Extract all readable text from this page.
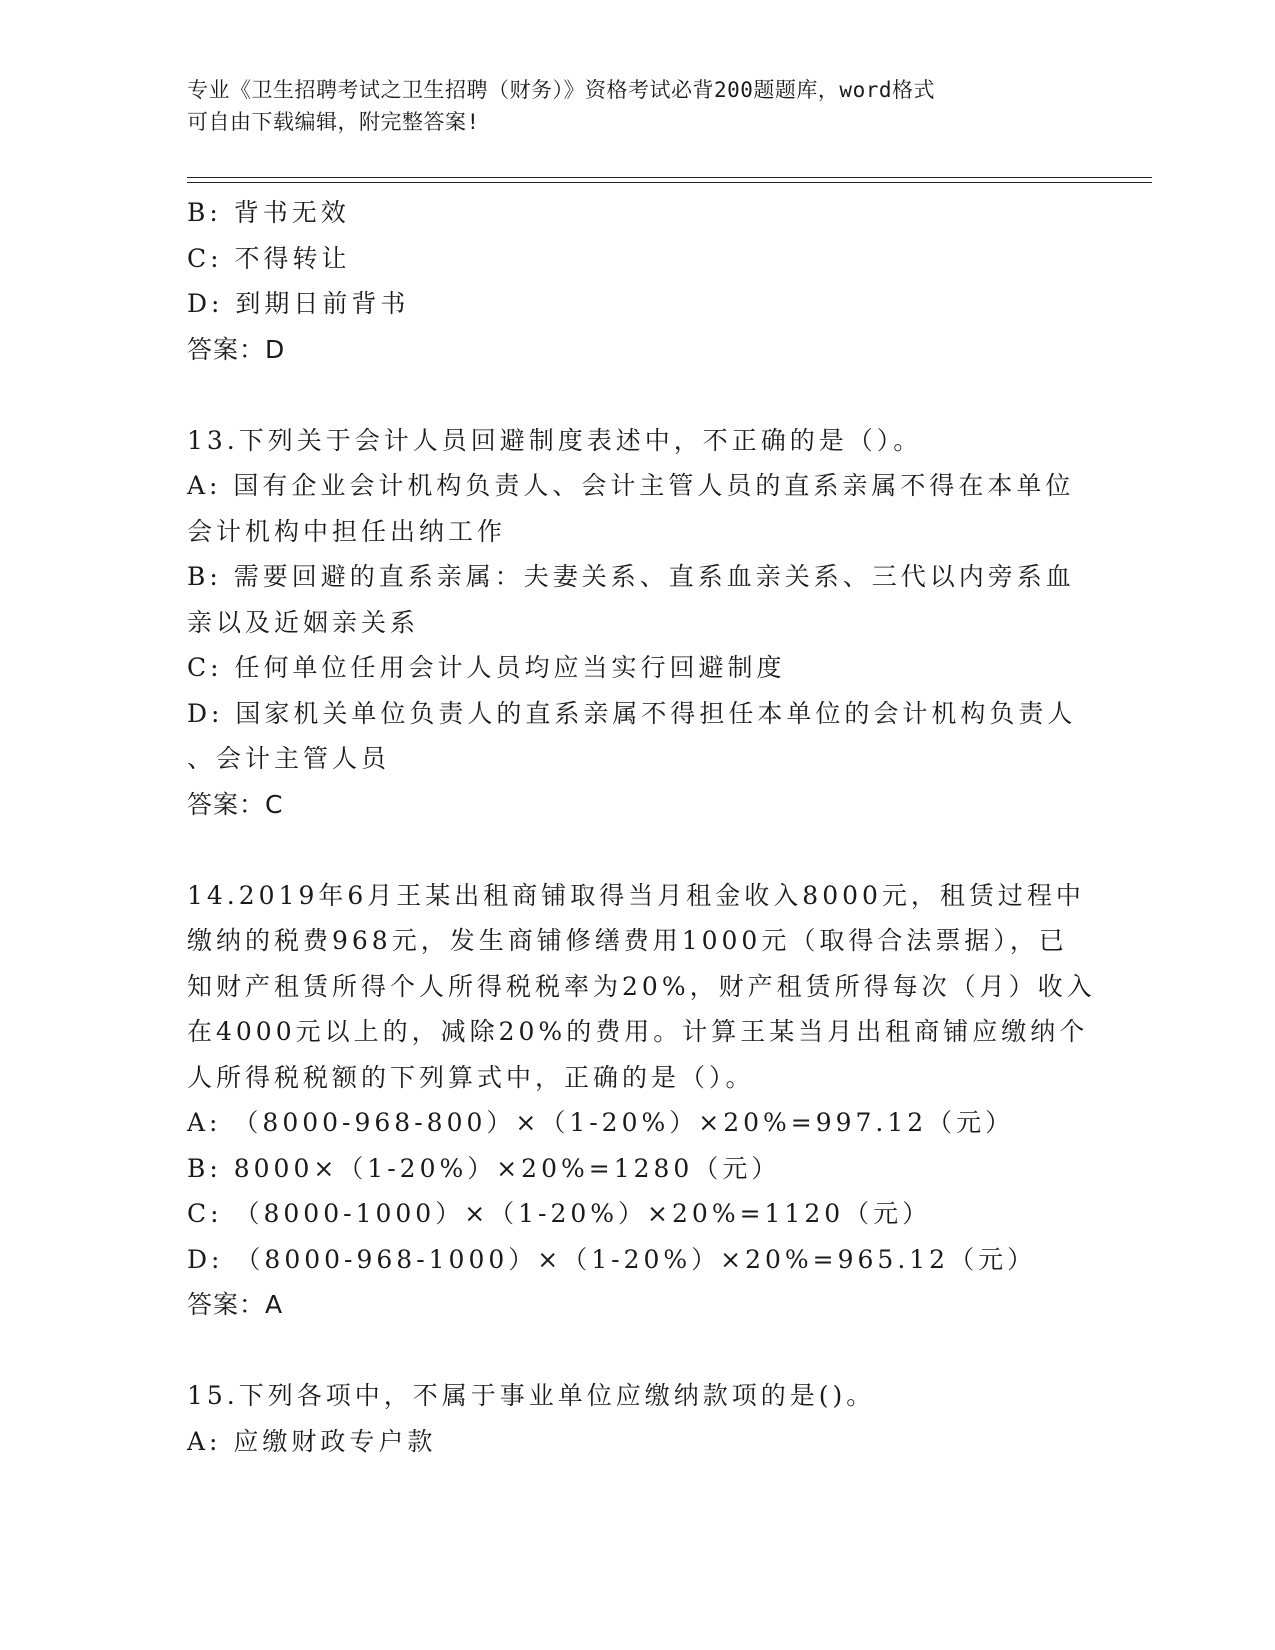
专业《卫生招聘考试之卫生招聘（财务）》资格考试必背200题题库，word格式
可自由下载编辑，附完整答案!
B: 背书无效
C: 不得转让
D: 到期日前背书
答案：D
13.下列关于会计人员回避制度表述中，不正确的是（）。
A: 国有企业会计机构负责人、会计主管人员的直系亲属不得在本单位
会计机构中担任出纳工作
B: 需要回避的直系亲属：夫妻关系、直系血亲关系、三代以内旁系血
亲以及近姻亲关系
C: 任何单位任用会计人员均应当实行回避制度
D: 国家机关单位负责人的直系亲属不得担任本单位的会计机构负责人
、会计主管人员
答案：C
14.2019年6月王某出租商铺取得当月租金收入8000元，租赁过程中
缴纳的税费968元，发生商铺修缮费用1000元（取得合法票据），已
知财产租赁所得个人所得税税率为20%，财产租赁所得每次（月）收入
在4000元以上的，减除20%的费用。计算王某当月出租商铺应缴纳个
人所得税税额的下列算式中，正确的是（）。
A: （8000-968-800）×（1-20%）×20%=997.12（元）
B: 8000×（1-20%）×20%=1280（元）
C: （8000-1000）×（1-20%）×20%=1120（元）
D: （8000-968-1000）×（1-20%）×20%=965.12（元）
答案：A
15.下列各项中，不属于事业单位应缴纳款项的是()。
A: 应缴财政专户款
